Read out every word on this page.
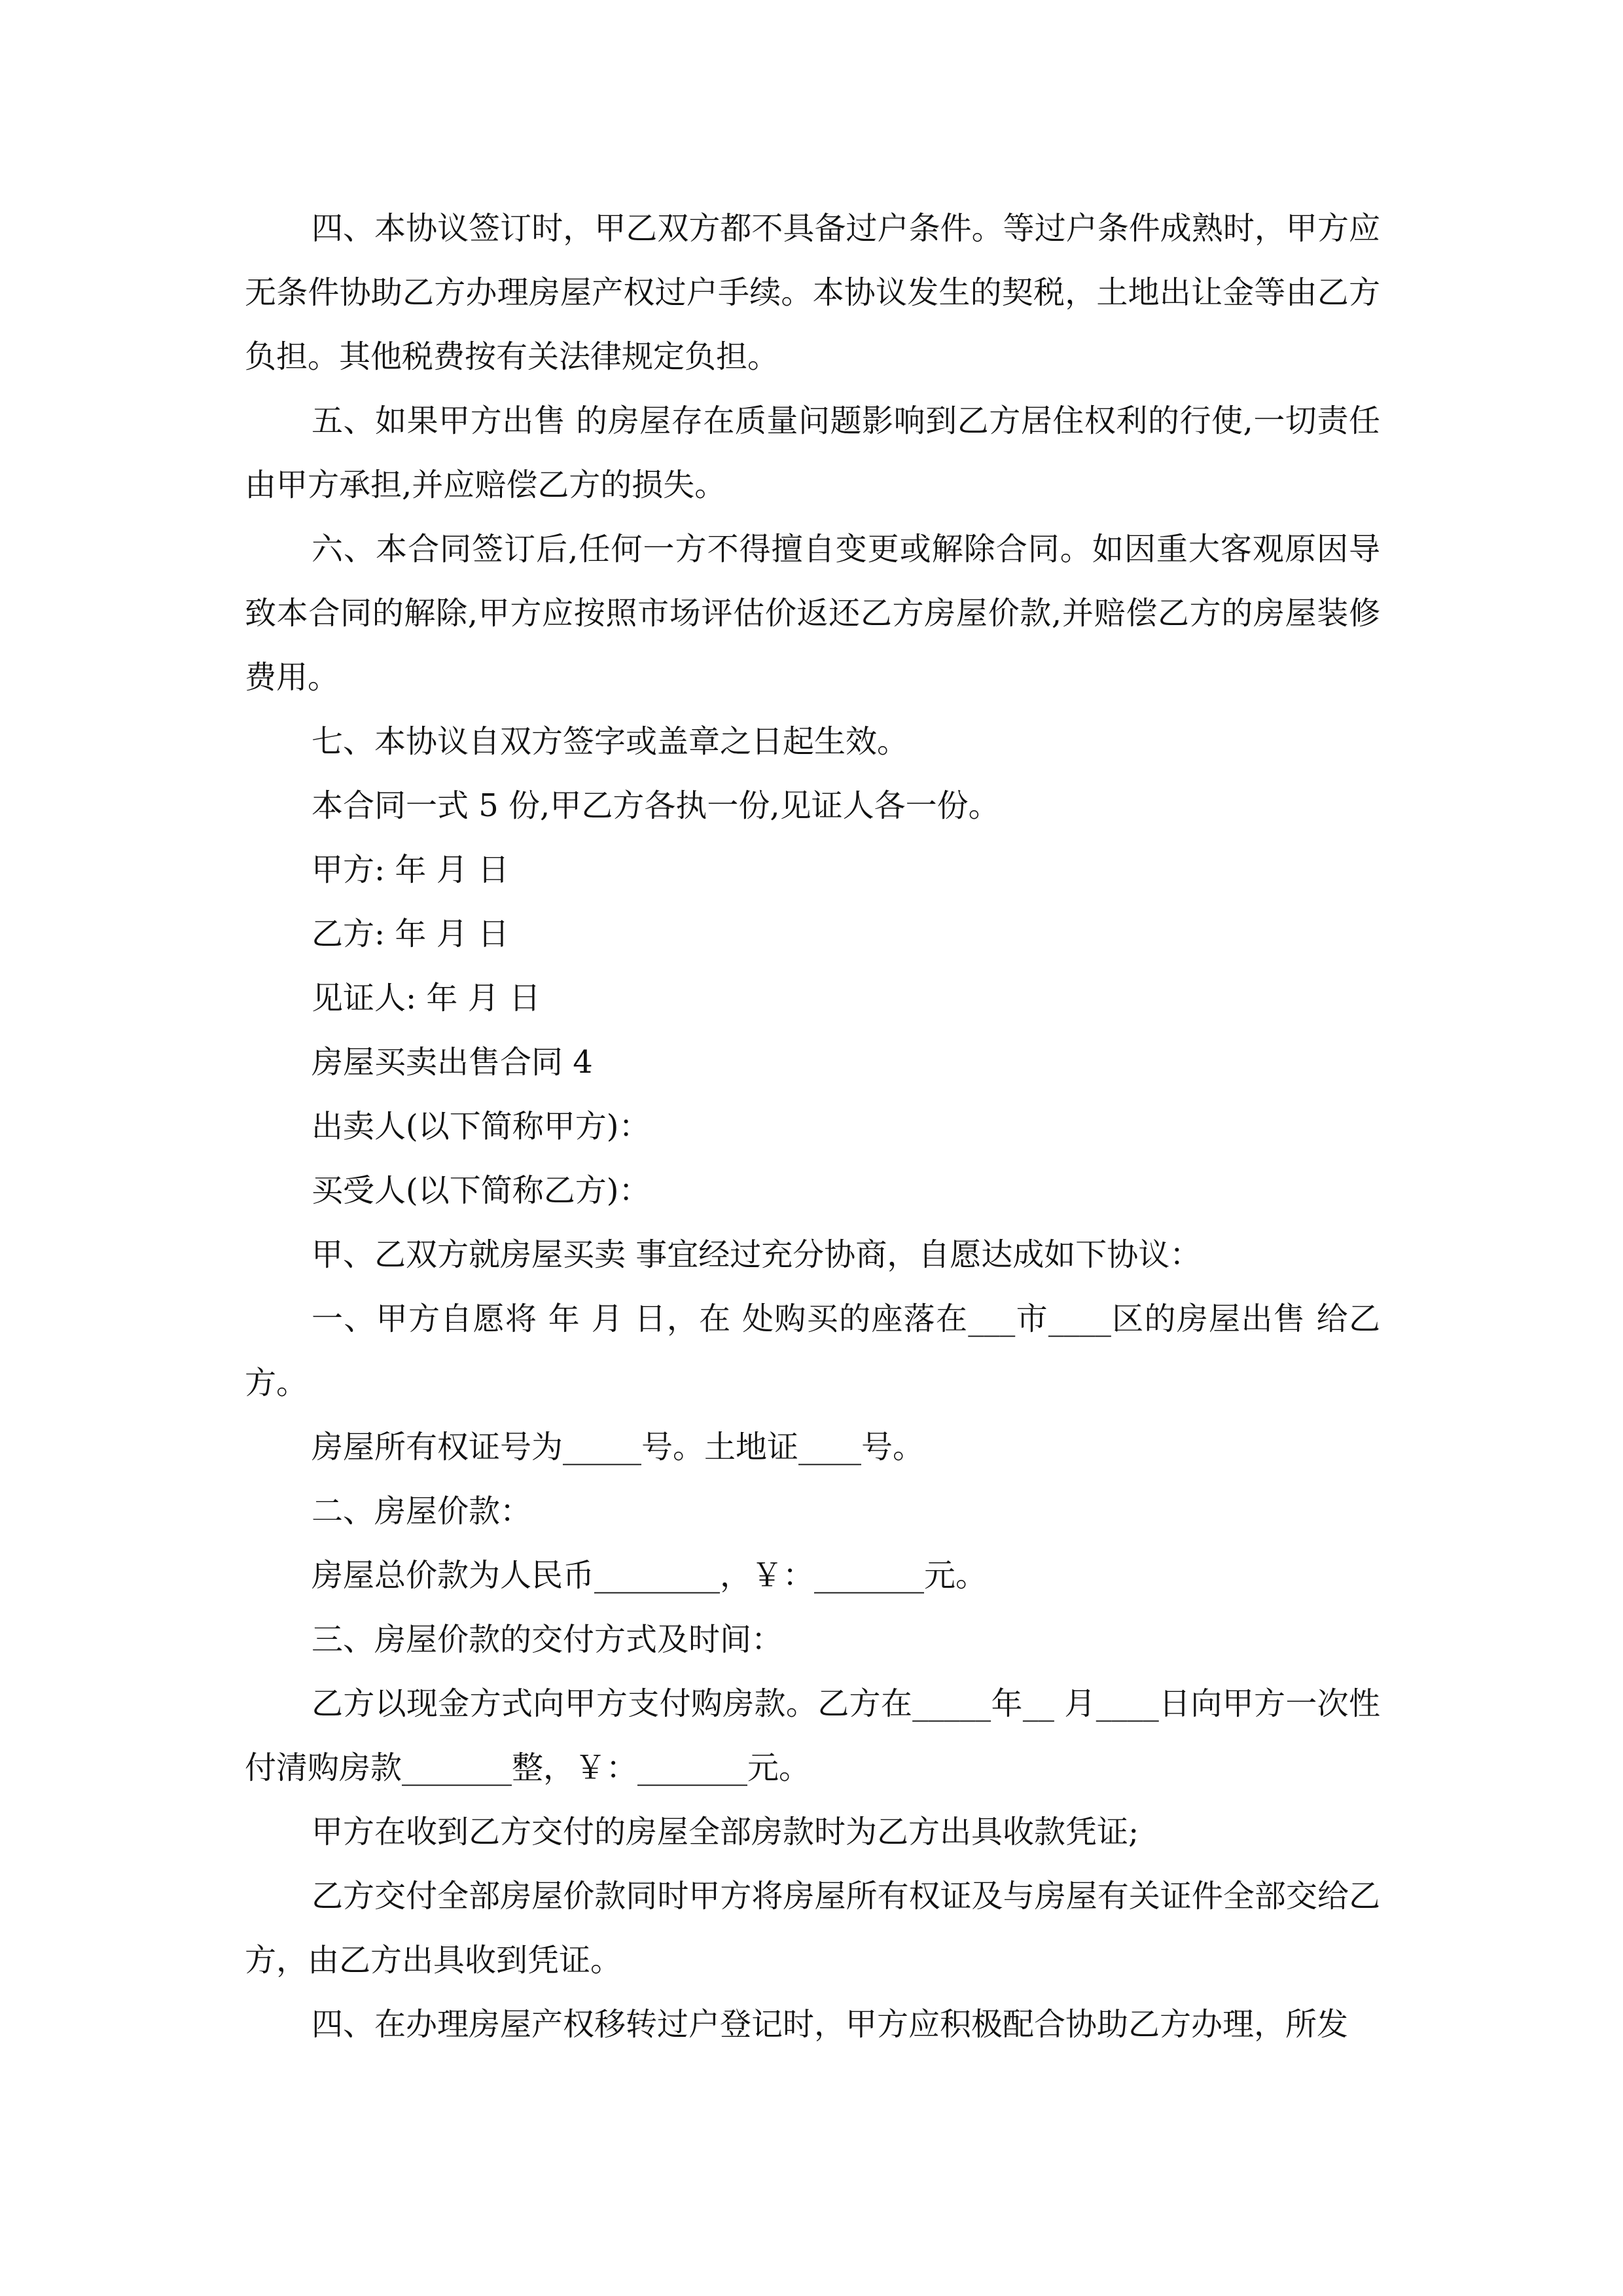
四、本协议签订时，甲乙双方都不具备过户条件。等过户条件成熟时，甲方应无条件协助乙方办理房屋产权过户手续。本协议发生的契税，土地出让金等由乙方负担。其他税费按有关法律规定负担。

五、如果甲方出售 的房屋存在质量问题影响到乙方居住权利的行使,一切责任由甲方承担,并应赔偿乙方的损失。

六、本合同签订后,任何一方不得擅自变更或解除合同。如因重大客观原因导致本合同的解除,甲方应按照市场评估价返还乙方房屋价款,并赔偿乙方的房屋装修费用。

七、本协议自双方签字或盖章之日起生效。

本合同一式 5 份,甲乙方各执一份,见证人各一份。

甲方: 年 月 日

乙方: 年 月 日

见证人: 年 月 日

房屋买卖出售合同 4

出卖人(以下简称甲方)：

买受人(以下简称乙方)：

甲、乙双方就房屋买卖 事宜经过充分协商，自愿达成如下协议：

一、甲方自愿将 年 月 日，在 处购买的座落在___市____区的房屋出售 给乙方。

房屋所有权证号为_____号。土地证____号。

二、房屋价款：

房屋总价款为人民币________，￥：_______元。

三、房屋价款的交付方式及时间：

乙方以现金方式向甲方支付购房款。乙方在_____年__ 月____日向甲方一次性付清购房款_______整，￥：_______元。

甲方在收到乙方交付的房屋全部房款时为乙方出具收款凭证;

乙方交付全部房屋价款同时甲方将房屋所有权证及与房屋有关证件全部交给乙方，由乙方出具收到凭证。

四、在办理房屋产权移转过户登记时，甲方应积极配合协助乙方办理，所发
